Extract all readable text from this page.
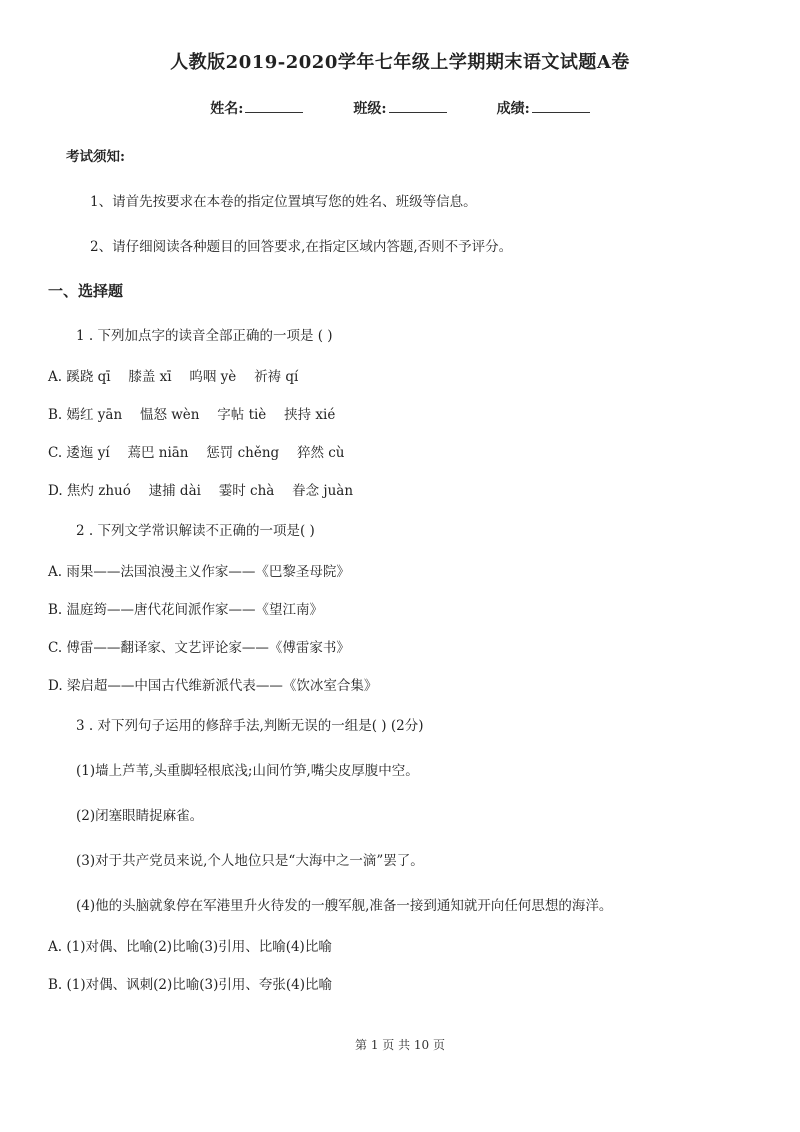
人教版2019-2020学年七年级上学期期末语文试题A卷
姓名:	班级:	成绩:
考试须知:
1、请首先按要求在本卷的指定位置填写您的姓名、班级等信息。
2、请仔细阅读各种题目的回答要求,在指定区域内答题,否则不予评分。
一、选择题
1 . 下列加点字的读音全部正确的一项是 ( )
A. 蹊跷 qī　 膝盖 xī　 呜咽 yè　 祈祷 qí
B. 嫣红 yān　 愠怒 wèn　 字帖 tiè　 挟持 xié
C. 逶迤 yí　 蔫巴 niān　 惩罚 chěng　 猝然 cù
D. 焦灼 zhuó　 逮捕 dài　 霎时 chà　 眷念 juàn
2 . 下列文学常识解读不正确的一项是( )
A. 雨果——法国浪漫主义作家——《巴黎圣母院》
B. 温庭筠——唐代花间派作家——《望江南》
C. 傅雷——翻译家、文艺评论家——《傅雷家书》
D. 梁启超——中国古代维新派代表——《饮冰室合集》
3 . 对下列句子运用的修辞手法,判断无误的一组是( ) (2分)
(1)墙上芦苇,头重脚轻根底浅;山间竹笋,嘴尖皮厚腹中空。
(2)闭塞眼睛捉麻雀。
(3)对于共产党员来说,个人地位只是“大海中之一滴”罢了。
(4)他的头脑就象停在军港里升火待发的一艘军舰,准备一接到通知就开向任何思想的海洋。
A. (1)对偶、比喻(2)比喻(3)引用、比喻(4)比喻
B. (1)对偶、讽刺(2)比喻(3)引用、夸张(4)比喻
第 1 页 共 10 页
